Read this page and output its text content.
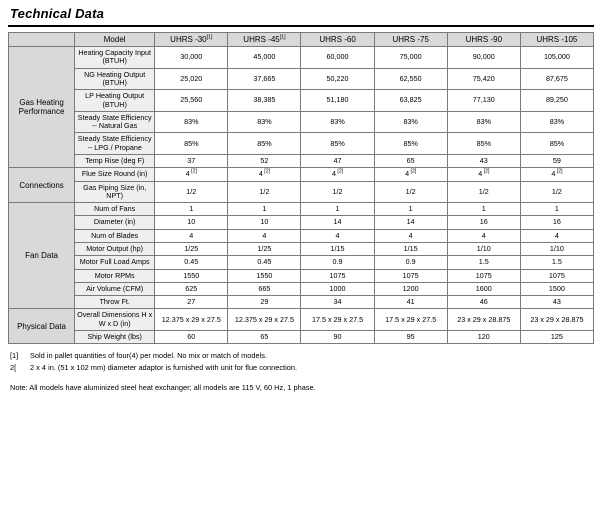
Technical Data
	Model	UHRS -30[1]	UHRS -45[1]	UHRS -60	UHRS -75	UHRS -90	UHRS -105
Gas Heating Performance	Heating Capacity Input (BTUH)	30,000	45,000	60,000	75,000	90,000	105,000
	NG Heating Output (BTUH)	25,020	37,665	50,220	62,550	75,420	87,675
	LP Heating Output (BTUH)	25,560	38,385	51,180	63,825	77,130	89,250
	Steady State Efficiency -- Natural Gas	83%	83%	83%	83%	83%	83%
	Steady State Efficiency -- LPG / Propane	85%	85%	85%	85%	85%	85%
	Temp Rise (deg F)	37	52	47	65	43	59
Connections	Flue Size Round (in)	4 [2]	4 [2]	4 [2]	4 [2]	4 [2]	4 [2]
	Gas Piping Size (in, NPT)	1/2	1/2	1/2	1/2	1/2	1/2
Fan Data	Num of Fans	1	1	1	1	1	1
	Diameter (in)	10	10	14	14	16	16
	Num of Blades	4	4	4	4	4	4
	Motor Output (hp)	1/25	1/25	1/15	1/15	1/10	1/10
	Motor Full Load Amps	0.45	0.45	0.9	0.9	1.5	1.5
	Motor RPMs	1550	1550	1075	1075	1075	1075
	Air Volume (CFM)	625	665	1000	1200	1600	1500
	Throw Ft.	27	29	34	41	46	43
Physical Data	Overall Dimensions H x W x D (in)	12.375 x 29 x 27.5	12.375 x 29 x 27.5	17.5 x 29 x 27.5	17.5 x 29 x 27.5	23 x 29 x 28.875	23 x 29 x 28.875
	Ship Weight (lbs)	60	65	90	95	120	125
[1]	Sold in pallet quantities of four(4) per model. No mix or match of models.
2[	2 x 4 in. (51 x 102 mm) diameter adaptor is furnished with unit for flue connection.
Note: All models have aluminized steel heat exchanger; all models are 115 V, 60 Hz, 1 phase.
